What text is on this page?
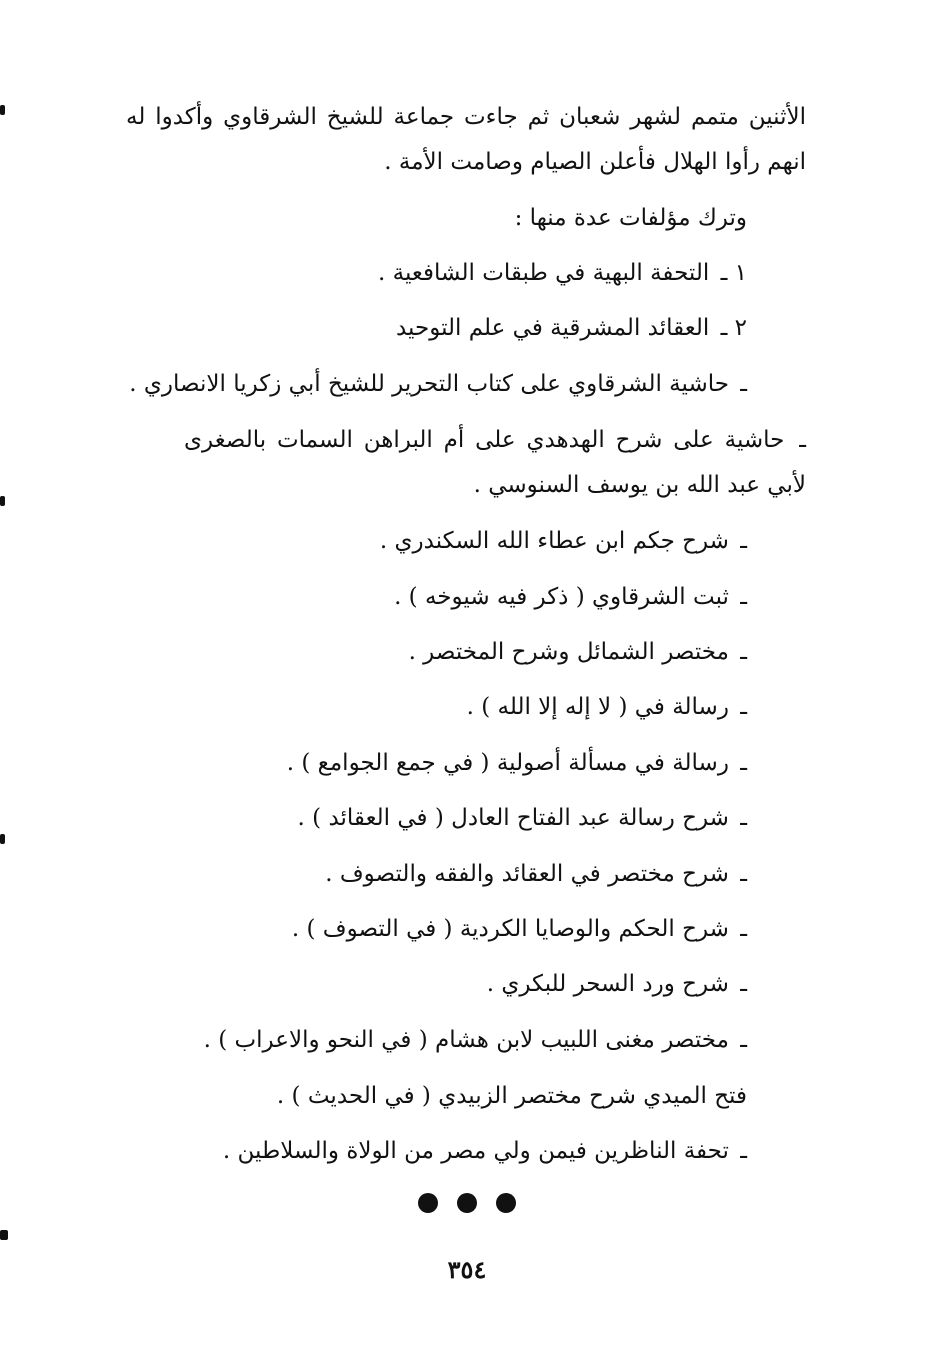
الأثنين متمم لشهر شعبان ثم جاءت جماعة للشيخ الشرقاوي وأكدوا له
انهم رأوا الهلال فأعلن الصيام وصامت الأمة .
وترك مؤلفات عدة منها :
١ ـ التحفة البهية في طبقات الشافعية .
٢ ـ العقائد المشرقية في علم التوحيد
ـ حاشية الشرقاوي على كتاب التحرير للشيخ أبي زكريا الانصاري .
ـ حاشية على شرح الهدهدي على أم البراهن السمات بالصغرى
لأبي عبد الله بن يوسف السنوسي .
ـ شرح جكم ابن عطاء الله السكندري .
ـ ثبت الشرقاوي ( ذكر فيه شيوخه ) .
ـ مختصر الشمائل وشرح المختصر .
ـ رسالة في ( لا إله إلا الله ) .
ـ رسالة في مسألة أصولية ( في جمع الجوامع ) .
ـ شرح رسالة عبد الفتاح العادل ( في العقائد ) .
ـ شرح مختصر في العقائد والفقه والتصوف .
ـ شرح الحكم والوصايا الكردية ( في التصوف ) .
ـ شرح ورد السحر للبكري .
ـ مختصر مغنى اللبيب لابن هشام ( في النحو والاعراب ) .
فتح الميدي شرح مختصر الزبيدي ( في الحديث ) .
ـ تحفة الناظرين فيمن ولي مصر من الولاة والسلاطين .

٣٥٤
